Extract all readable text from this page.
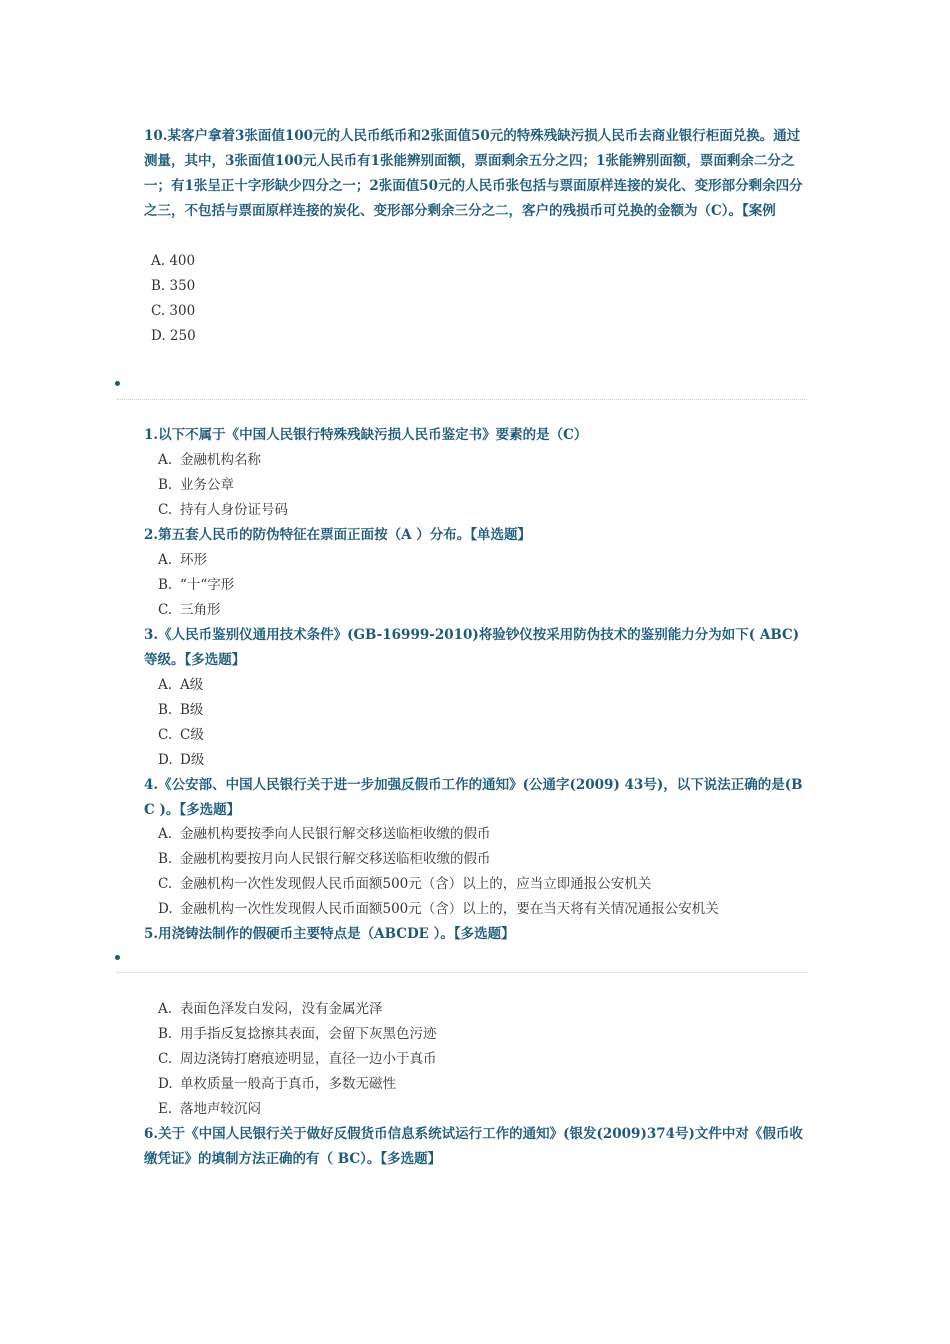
10.某客户拿着3张面值100元的人民币纸币和2张面值50元的特殊残缺污损人民币去商业银行柜面兑换。通过测量，其中，3张面值100元人民币有1张能辨别面额，票面剩余五分之四；1张能辨别面额，票面剩余二分之一；有1张呈正十字形缺少四分之一；2张面值50元的人民币张包括与票面原样连接的炭化、变形部分剩余四分之三，不包括与票面原样连接的炭化、变形部分剩余三分之二，客户的残损币可兑换的金额为（C）。【案例
A. 400
B. 350
C. 300
D. 250
1.以下不属于《中国人民银行特殊残缺污损人民币鉴定书》要素的是（C）
A. 金融机构名称
B. 业务公章
C. 持有人身份证号码
2.第五套人民币的防伪特征在票面正面按（A ）分布。【单选题】
A. 环形
B. “十“字形
C. 三角形
3.《人民币鉴别仪通用技术条件》(GB-16999-2010)将验钞仪按采用防伪技术的鉴别能力分为如下( ABC)等级。【多选题】
A. A级
B. B级
C. C级
D. D级
4.《公安部、中国人民银行关于进一步加强反假币工作的通知》(公通字(2009) 43号)，以下说法正确的是(BC )。【多选题】
A. 金融机构要按季向人民银行解交移送临柜收缴的假币
B. 金融机构要按月向人民银行解交移送临柜收缴的假币
C. 金融机构一次性发现假人民币面额500元（含）以上的，应当立即通报公安机关
D. 金融机构一次性发现假人民币面额500元（含）以上的，要在当天将有关情况通报公安机关
5.用浇铸法制作的假硬币主要特点是（ABCDE ）。【多选题】
A. 表面色泽发白发闷，没有金属光泽
B. 用手指反复捻擦其表面，会留下灰黑色污迹
C. 周边浇铸打磨痕迹明显，直径一边小于真币
D. 单枚质量一般高于真币，多数无磁性
E. 落地声较沉闷
6.关于《中国人民银行关于做好反假货币信息系统试运行工作的通知》(银发(2009)374号)文件中对《假币收缴凭证》的填制方法正确的有（ BC）。【多选题】
